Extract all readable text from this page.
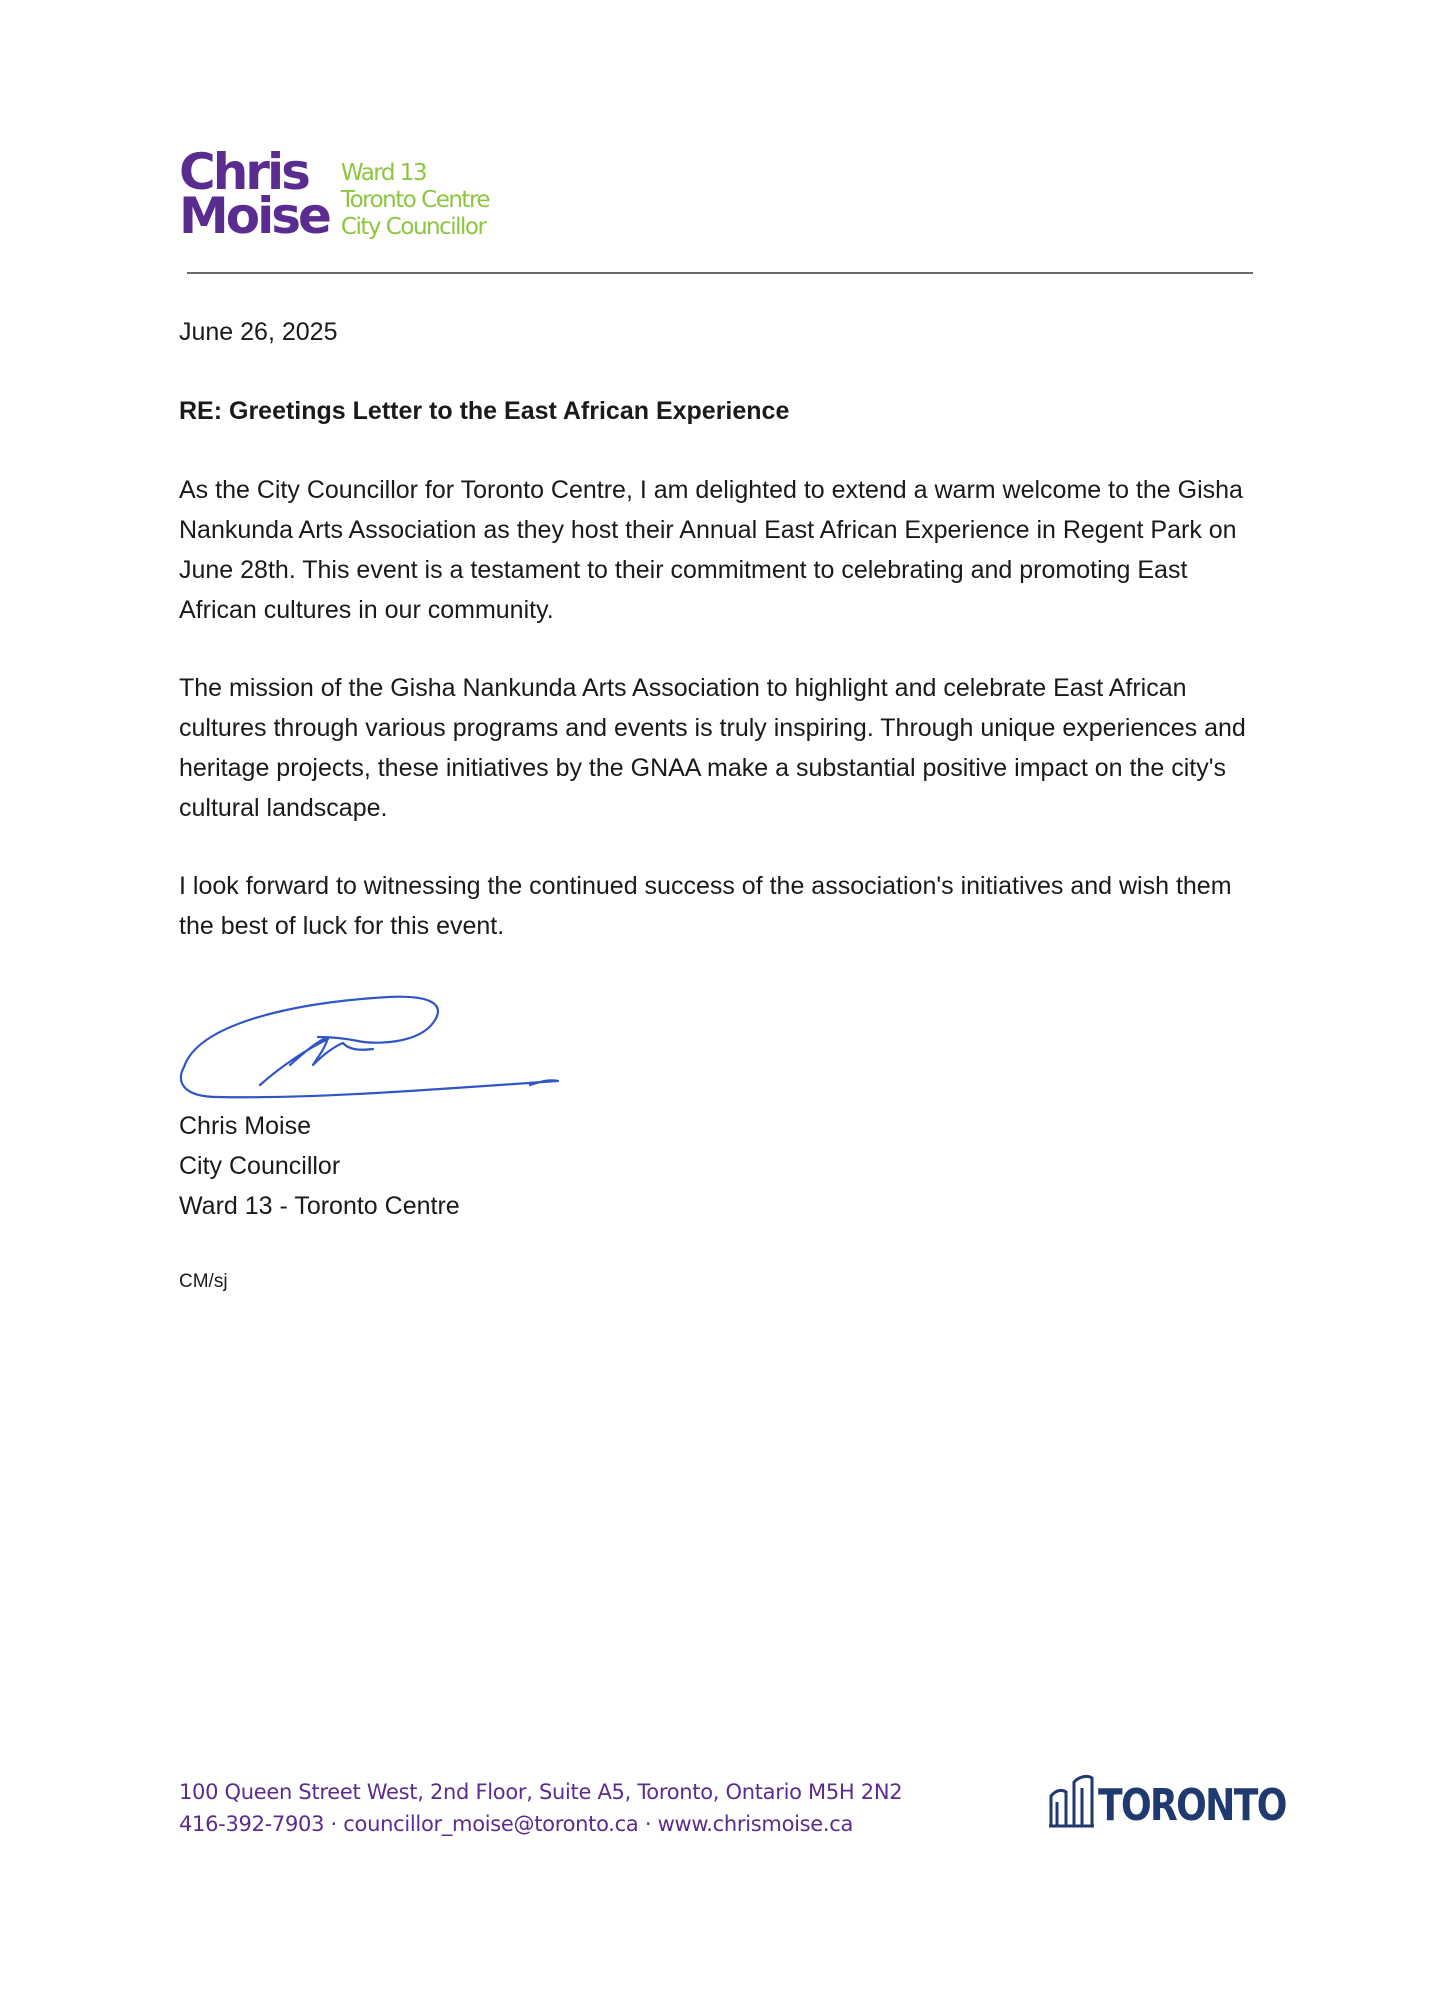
Chris
Moise
Ward 13
Toronto Centre
City Councillor
June 26, 2025
RE: Greetings Letter to the East African Experience
As the City Councillor for Toronto Centre, I am delighted to extend a warm welcome to the Gisha Nankunda Arts Association as they host their Annual East African Experience in Regent Park on June 28th. This event is a testament to their commitment to celebrating and promoting East African cultures in our community.
The mission of the Gisha Nankunda Arts Association to highlight and celebrate East African cultures through various programs and events is truly inspiring. Through unique experiences and heritage projects, these initiatives by the GNAA make a substantial positive impact on the city's cultural landscape.
I look forward to witnessing the continued success of the association's initiatives and wish them the best of luck for this event.
Chris Moise
City Councillor
Ward 13 - Toronto Centre
CM/sj
100 Queen Street West, 2nd Floor, Suite A5, Toronto, Ontario M5H 2N2
416-392-7903 · councillor_moise@toronto.ca · www.chrismoise.ca	TORONTO
